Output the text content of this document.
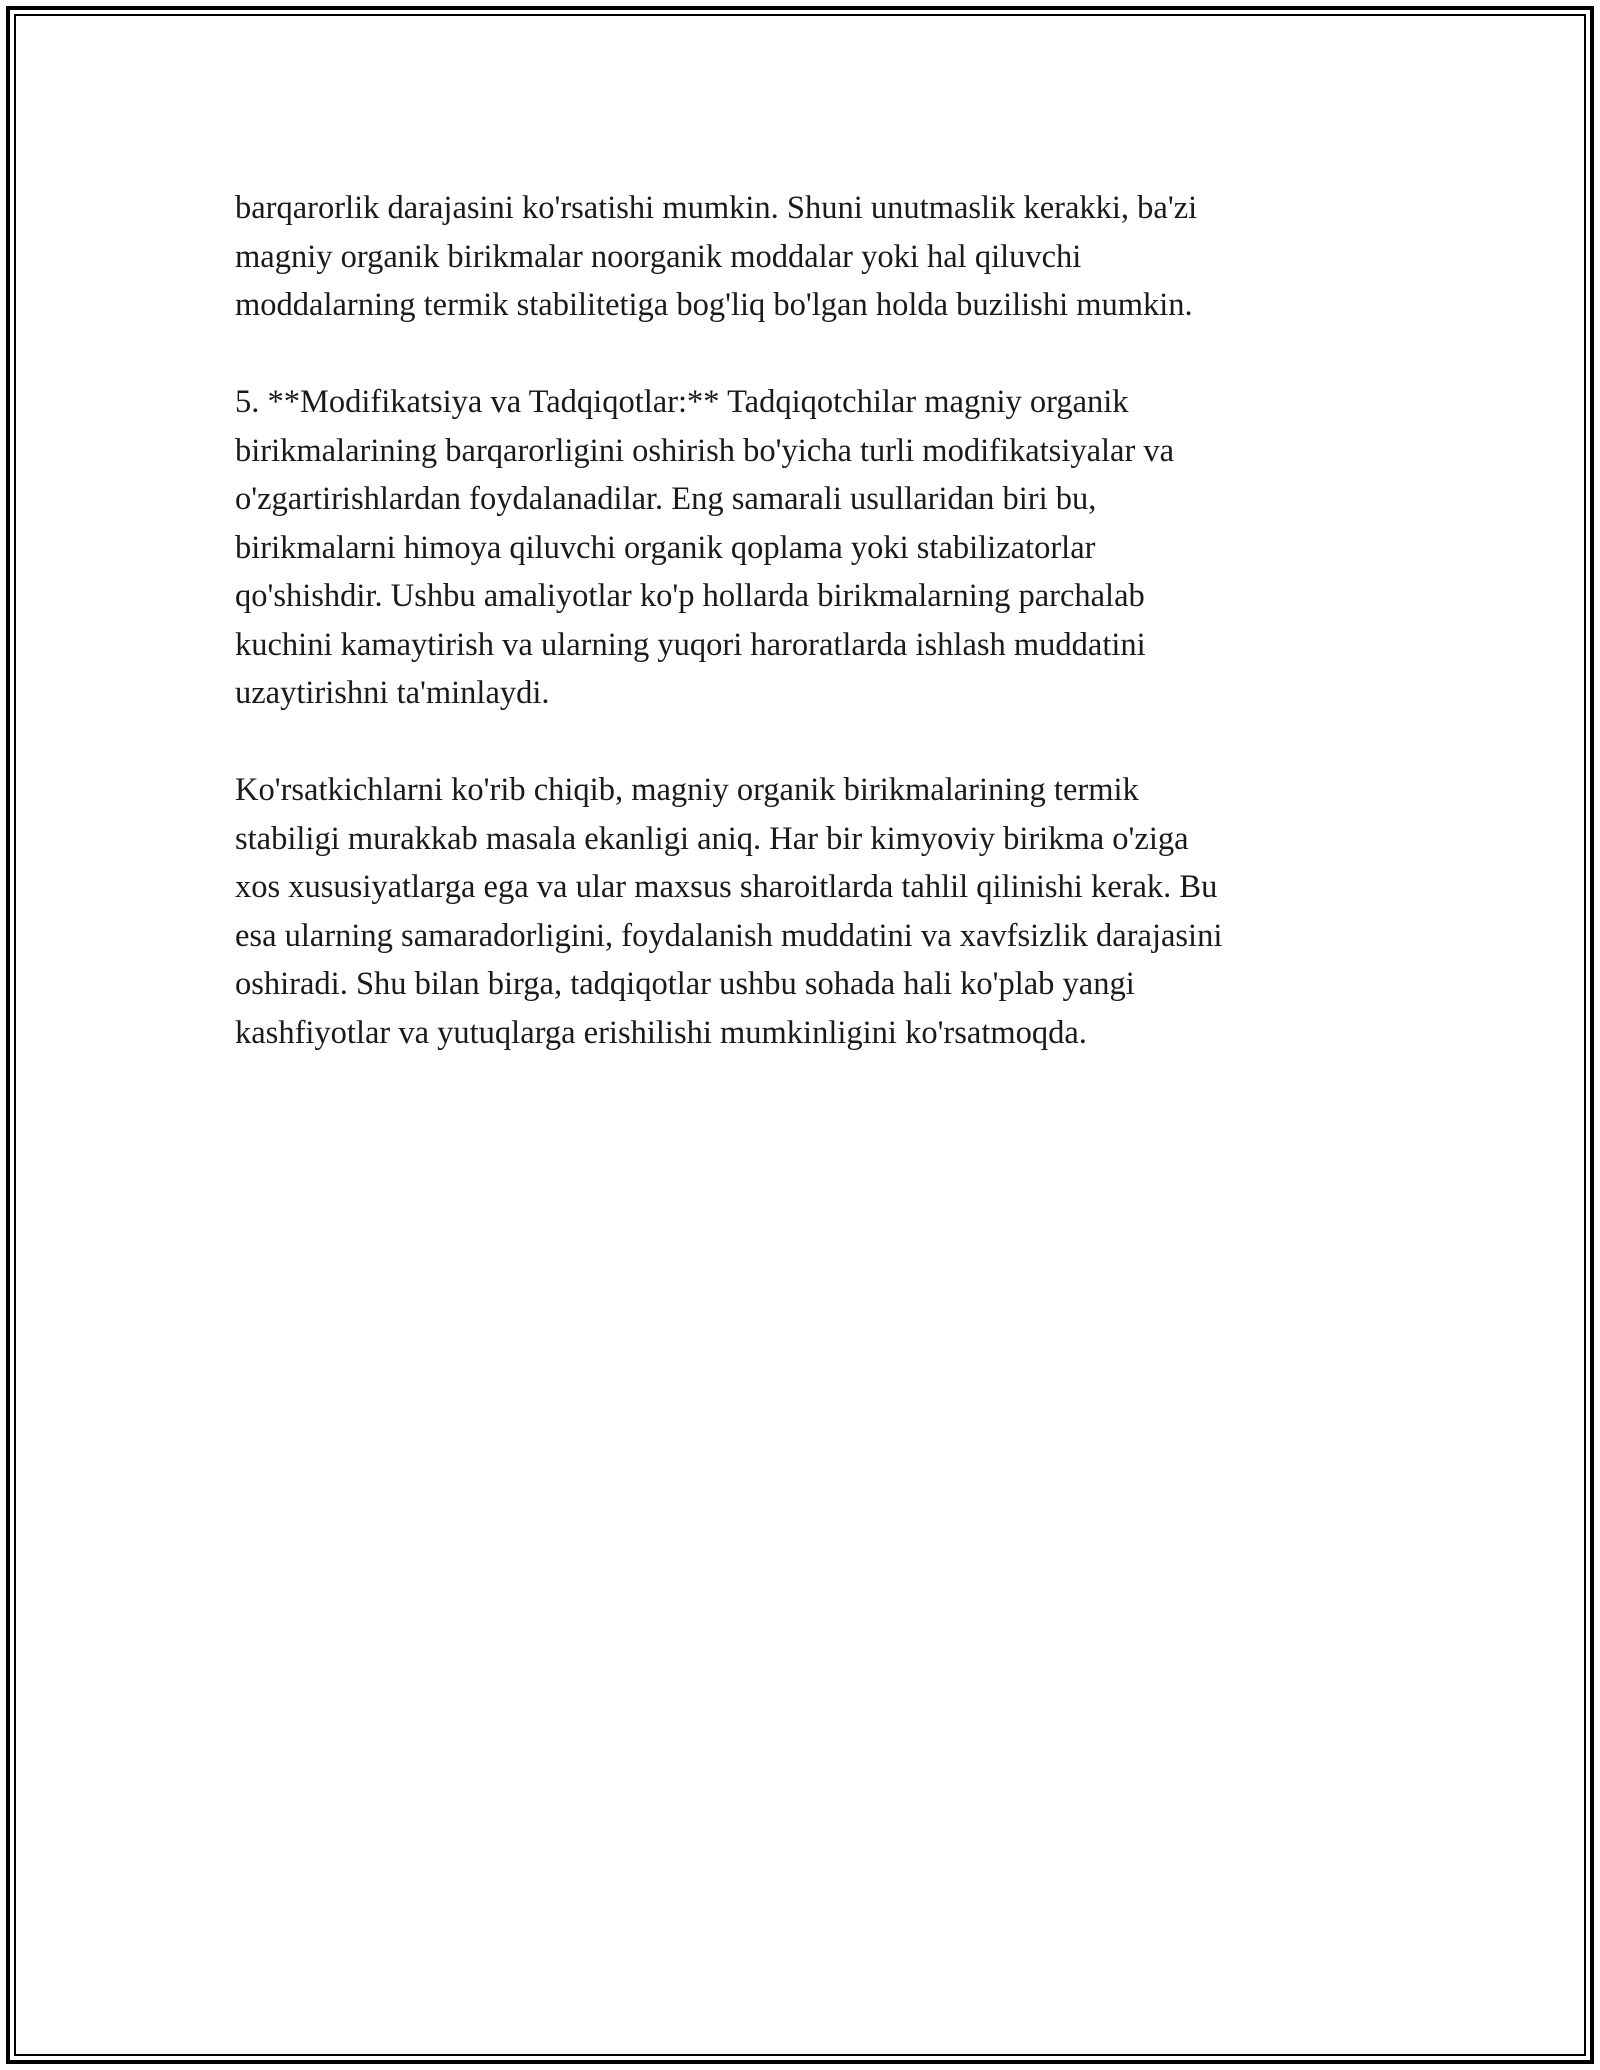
barqarorlik darajasini ko'rsatishi mumkin. Shuni unutmaslik kerakki, ba'zi
magniy organik birikmalar noorganik moddalar yoki hal qiluvchi
moddalarning termik stabilitetiga bog'liq bo'lgan holda buzilishi mumkin.

5. **Modifikatsiya va Tadqiqotlar:** Tadqiqotchilar magniy organik
birikmalarining barqarorligini oshirish bo'yicha turli modifikatsiyalar va
o'zgartirishlardan foydalanadilar. Eng samarali usullaridan biri bu,
birikmalarni himoya qiluvchi organik qoplama yoki stabilizatorlar
qo'shishdir. Ushbu amaliyotlar ko'p hollarda birikmalarning parchalab
kuchini kamaytirish va ularning yuqori haroratlarda ishlash muddatini
uzaytirishni ta'minlaydi.

Ko'rsatkichlarni ko'rib chiqib, magniy organik birikmalarining termik
stabiligi murakkab masala ekanligi aniq. Har bir kimyoviy birikma o'ziga
xos xususiyatlarga ega va ular maxsus sharoitlarda tahlil qilinishi kerak. Bu
esa ularning samaradorligini, foydalanish muddatini va xavfsizlik darajasini
oshiradi. Shu bilan birga, tadqiqotlar ushbu sohada hali ko'plab yangi
kashfiyotlar va yutuqlarga erishilishi mumkinligini ko'rsatmoqda.
